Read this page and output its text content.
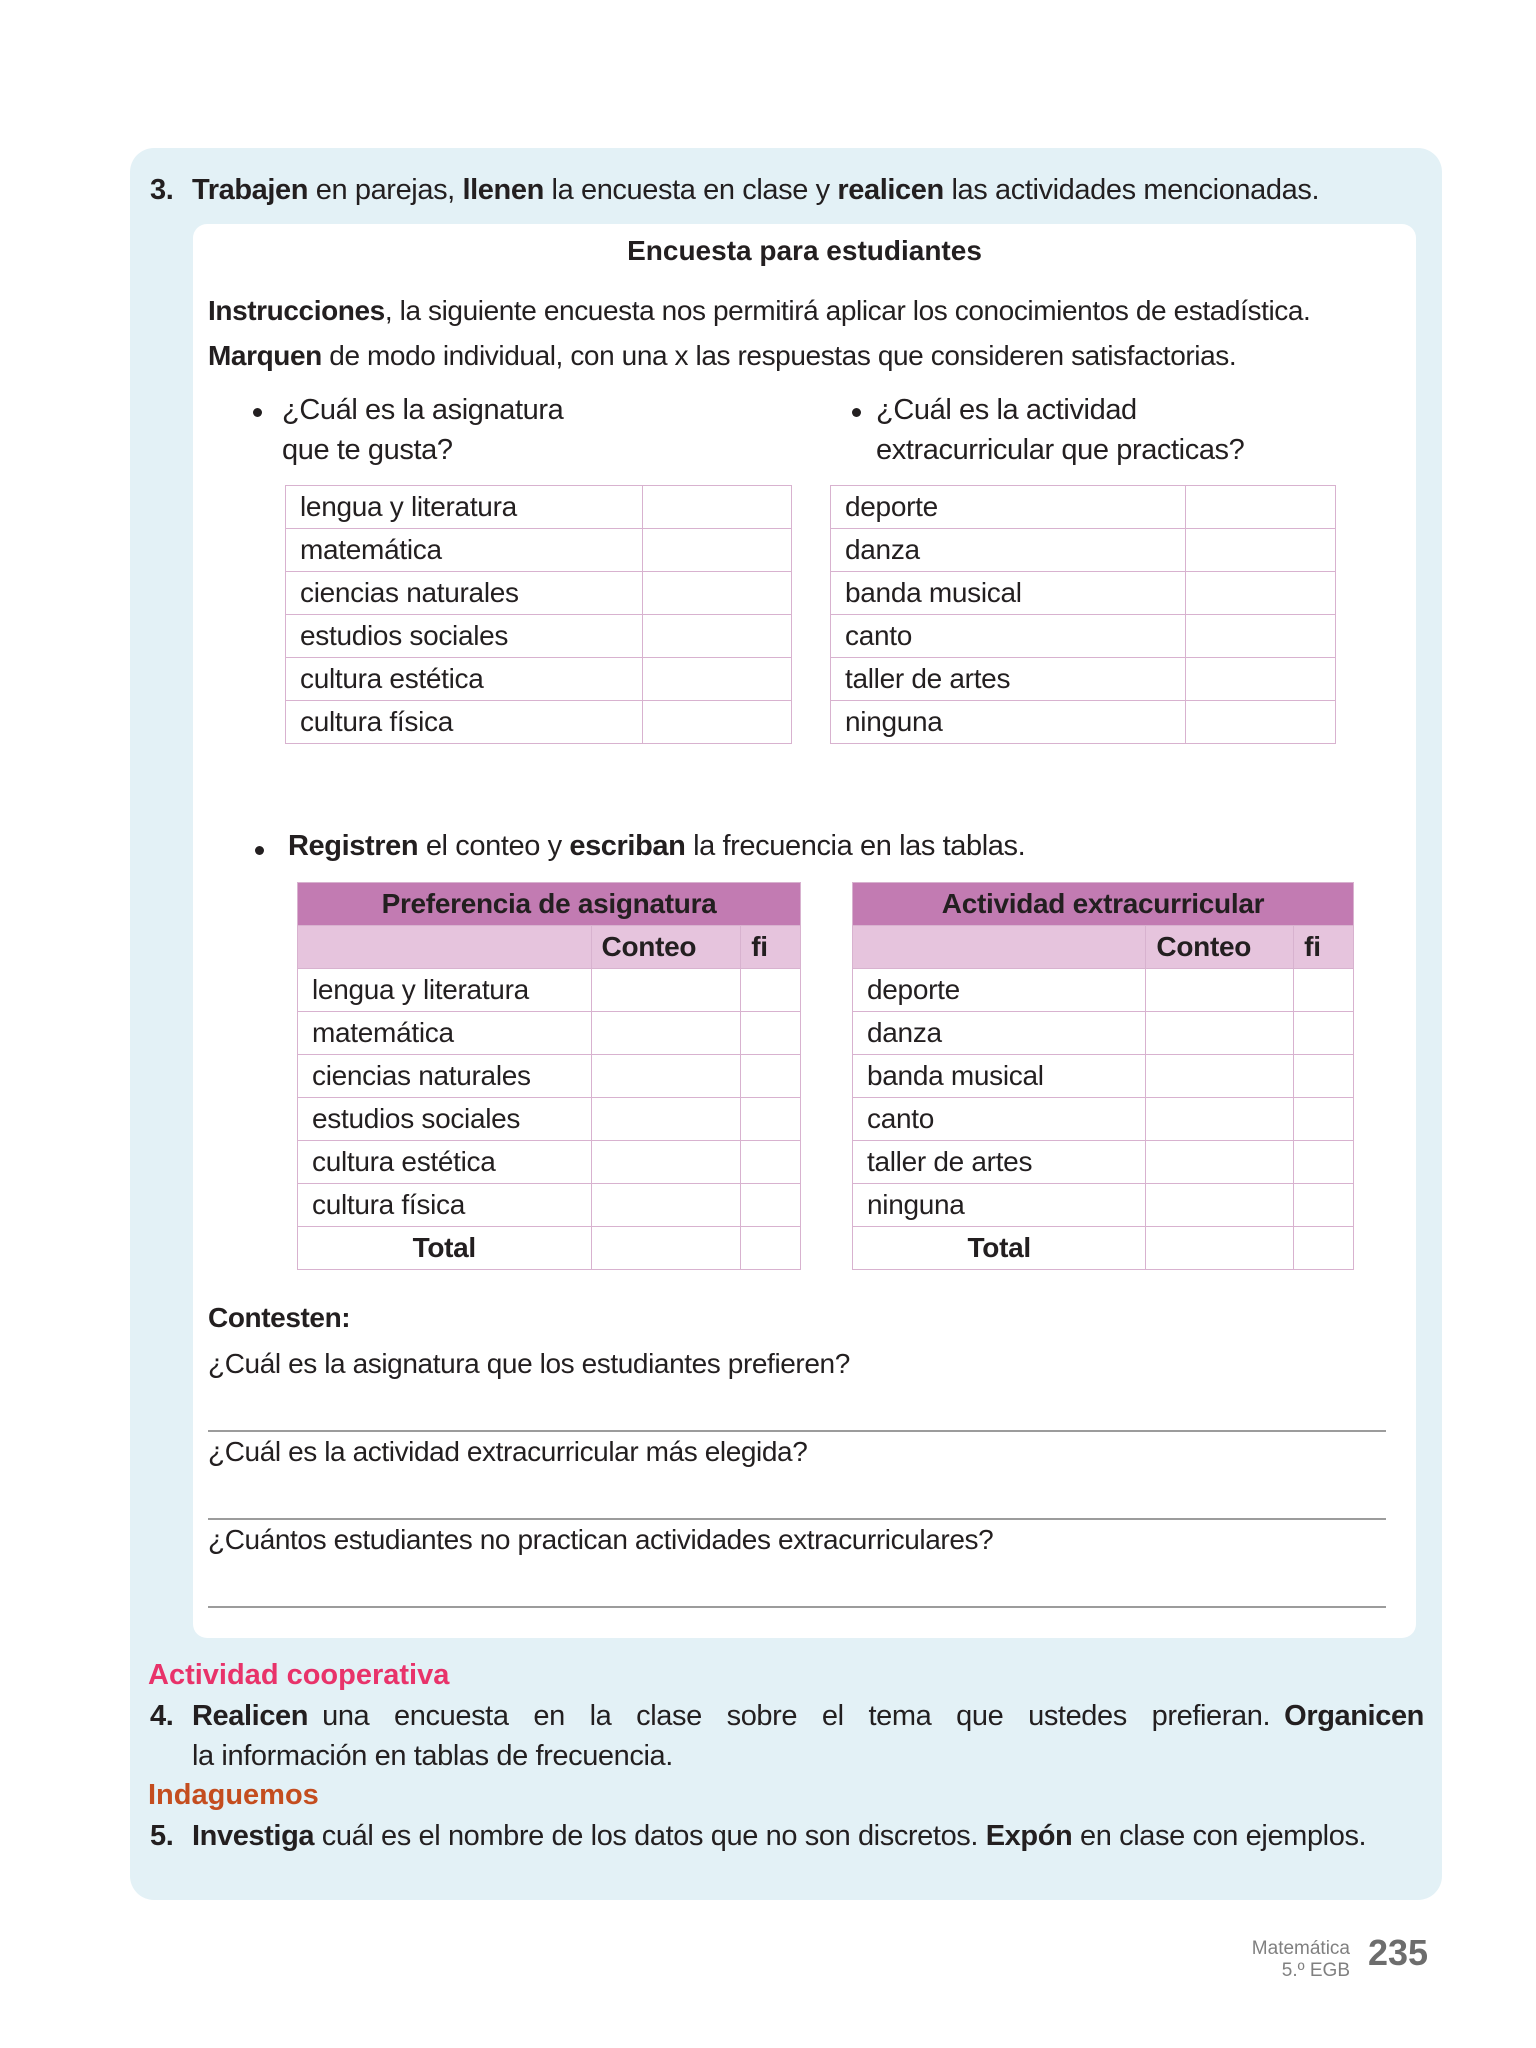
3. Trabajen en parejas, llenen la encuesta en clase y realicen las actividades mencionadas.
Encuesta para estudiantes
Instrucciones, la siguiente encuesta nos permitirá aplicar los conocimientos de estadística.
Marquen de modo individual, con una x las respuestas que consideren satisfactorias.
¿Cuál es la asignatura
que te gusta?
¿Cuál es la actividad
extracurricular que practicas?
lengua y literatura	
matemática	
ciencias naturales	
estudios sociales	
cultura estética	
cultura física	
deporte	
danza	
banda musical	
canto	
taller de artes	
ninguna	
Registren el conteo y escriban la frecuencia en las tablas.
Preferencia de asignatura		
	Conteo	fi
lengua y literatura		
matemática		
ciencias naturales		
estudios sociales		
cultura estética		
cultura física		
Total		
Actividad extracurricular		
	Conteo	fi
deporte		
danza		
banda musical		
canto		
taller de artes		
ninguna		
Total		
Contesten:
¿Cuál es la asignatura que los estudiantes prefieren?
¿Cuál es la actividad extracurricular más elegida?
¿Cuántos estudiantes no practican actividades extracurriculares?
Actividad cooperativa
4. Realicen una encuesta en la clase sobre el tema que ustedes prefieran. Organicen
la información en tablas de frecuencia.
Indaguemos
5. Investiga cuál es el nombre de los datos que no son discretos. Expón en clase con ejemplos.
Matemática
5.º EGB 235
